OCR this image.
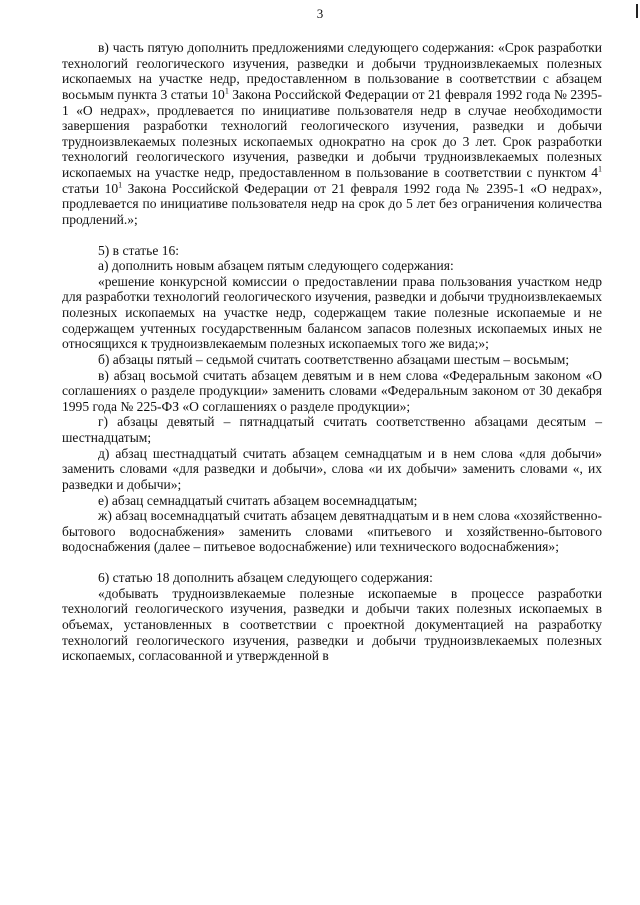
3

в) часть пятую дополнить предложениями следующего содержания: «Срок разработки технологий геологического изучения, разведки и добычи трудноизвлекаемых полезных ископаемых на участке недр, предоставленном в пользование в соответствии с абзацем восьмым пункта 3 статьи $10^1$ Закона Российской Федерации от 21 февраля 1992 года № 2395-1 «О недрах», продлевается по инициативе пользователя недр в случае необходимости завершения разработки технологий геологического изучения, разведки и добычи трудноизвлекаемых полезных ископаемых однократно на срок до 3 лет. Срок разработки технологий геологического изучения, разведки и добычи трудноизвлекаемых полезных ископаемых на участке недр, предоставленном в пользование в соответствии с пунктом $4^1$ статьи $10^1$ Закона Российской Федерации от 21 февраля 1992 года № 2395-1 «О недрах», продлевается по инициативе пользователя недр на срок до 5 лет без ограничения количества продлений.»;

5) в статье 16:

а) дополнить новым абзацем пятым следующего содержания:

«решение конкурсной комиссии о предоставлении права пользования участком недр для разработки технологий геологического изучения, разведки и добычи трудноизвлекаемых полезных ископаемых на участке недр, содержащем такие полезные ископаемые и не содержащем учтенных государственным балансом запасов полезных ископаемых иных не относящихся к трудноизвлекаемым полезных ископаемых того же вида;»;

б) абзацы пятый – седьмой считать соответственно абзацами шестым – восьмым;

в) абзац восьмой считать абзацем девятым и в нем слова «Федеральным законом «О соглашениях о разделе продукции» заменить словами «Федеральным законом от 30 декабря 1995 года № 225-ФЗ «О соглашениях о разделе продукции»;

г) абзацы девятый – пятнадцатый считать соответственно абзацами десятым – шестнадцатым;

д) абзац шестнадцатый считать абзацем семнадцатым и в нем слова «для добычи» заменить словами «для разведки и добычи», слова «и их добычи» заменить словами «, их разведки и добычи»;

е) абзац семнадцатый считать абзацем восемнадцатым;

ж) абзац восемнадцатый считать абзацем девятнадцатым и в нем слова «хозяйственно-бытового водоснабжения» заменить словами «питьевого и хозяйственно-бытового водоснабжения (далее – питьевое водоснабжение) или технического водоснабжения»;

6) статью 18 дополнить абзацем следующего содержания:

«добывать трудноизвлекаемые полезные ископаемые в процессе разработки технологий геологического изучения, разведки и добычи таких полезных ископаемых в объемах, установленных в соответствии с проектной документацией на разработку технологий геологического изучения, разведки и добычи трудноизвлекаемых полезных ископаемых, согласованной и утвержденной в
